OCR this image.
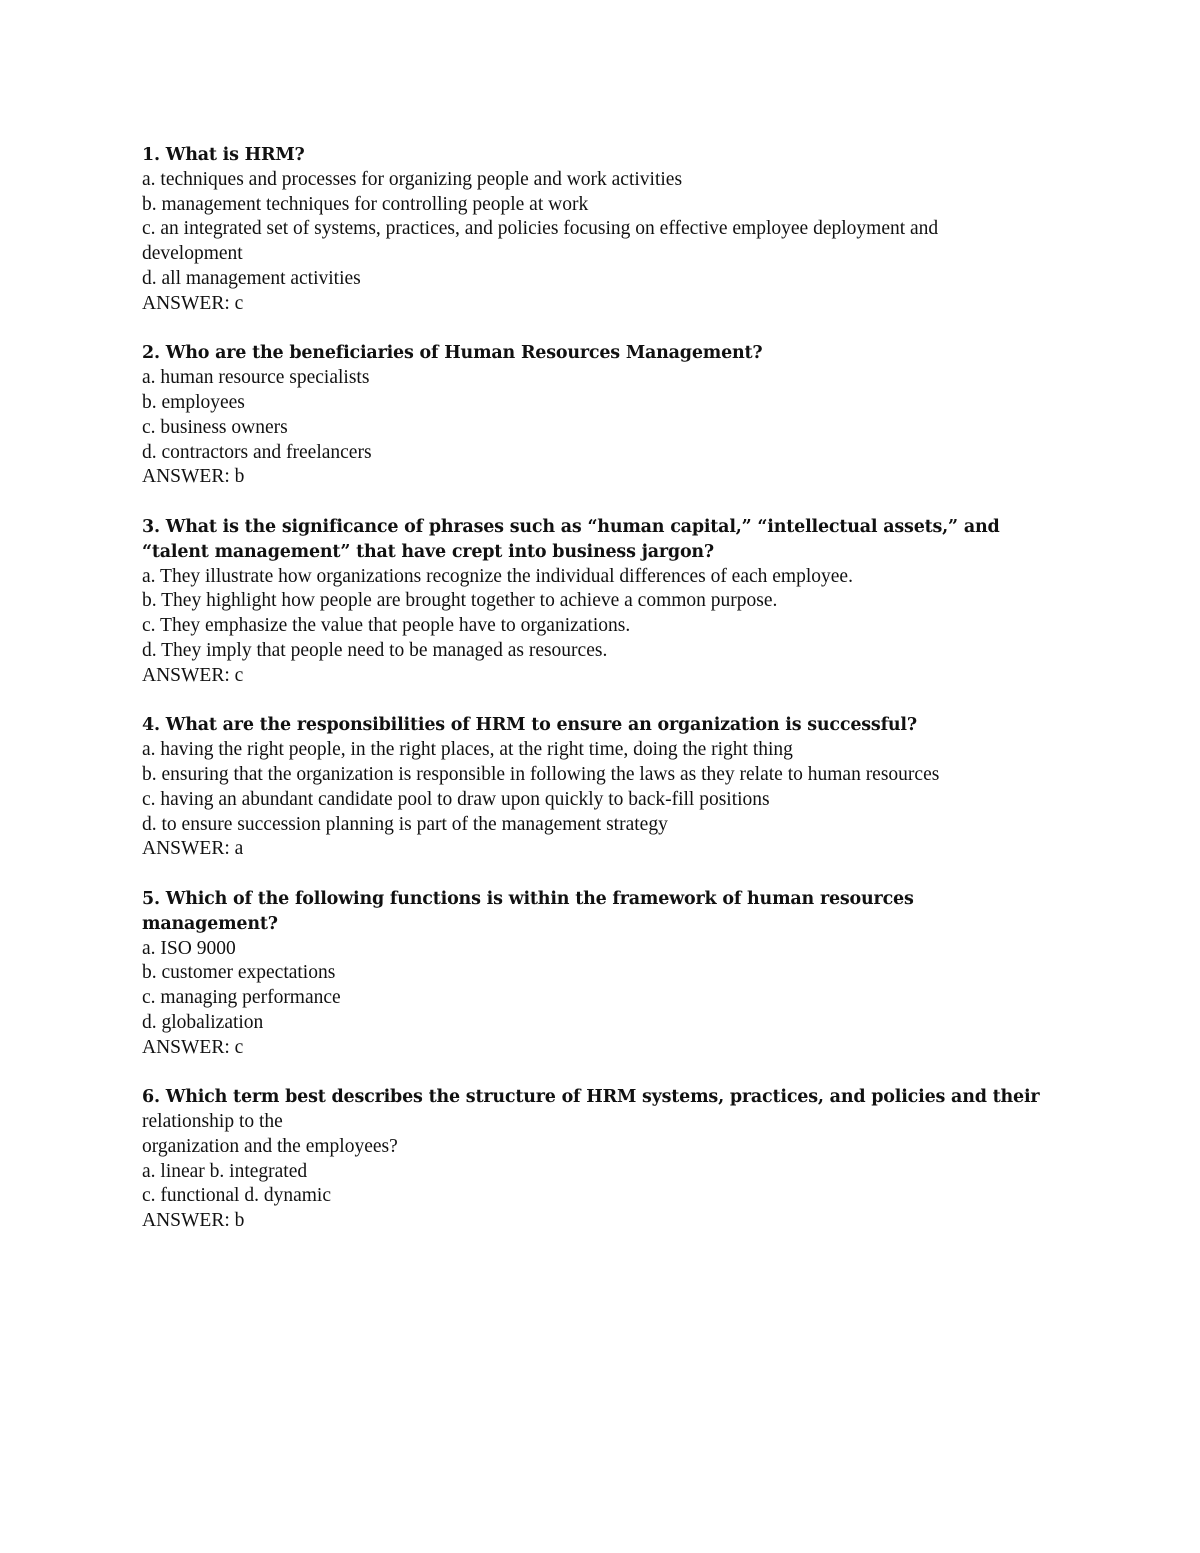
1. What is HRM?
a. techniques and processes for organizing people and work activities
b. management techniques for controlling people at work
c. an integrated set of systems, practices, and policies focusing on effective employee deployment and development
d. all management activities
ANSWER: c
2. Who are the beneficiaries of Human Resources Management?
a. human resource specialists
b. employees
c. business owners
d. contractors and freelancers
ANSWER: b
3. What is the significance of phrases such as “human capital,” “intellectual assets,” and “talent management” that have crept into business jargon?
a. They illustrate how organizations recognize the individual differences of each employee.
b. They highlight how people are brought together to achieve a common purpose.
c. They emphasize the value that people have to organizations.
d. They imply that people need to be managed as resources.
ANSWER: c
4. What are the responsibilities of HRM to ensure an organization is successful?
a. having the right people, in the right places, at the right time, doing the right thing
b. ensuring that the organization is responsible in following the laws as they relate to human resources
c. having an abundant candidate pool to draw upon quickly to back-fill positions
d. to ensure succession planning is part of the management strategy
ANSWER: a
5. Which of the following functions is within the framework of human resources management?
a. ISO 9000
b. customer expectations
c. managing performance
d. globalization
ANSWER: c
6. Which term best describes the structure of HRM systems, practices, and policies and their
relationship to the
organization and the employees?
a. linear b. integrated
c. functional d. dynamic
ANSWER: b
